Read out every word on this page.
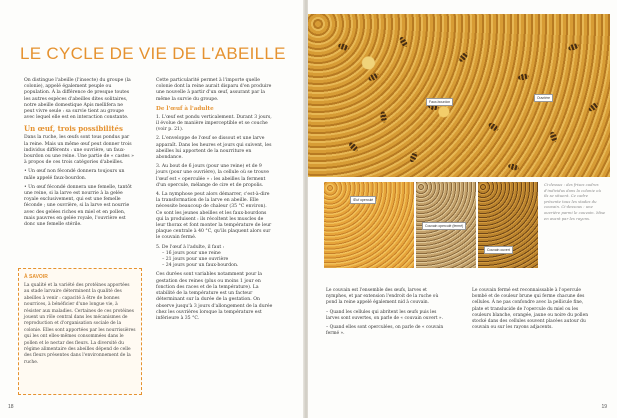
LE CYCLE DE VIE DE L'ABEILLE

On distingue l'abeille (l'insecte) du groupe (la colonie), appelé également peuple ou population. À la différence de presque toutes les autres espèces d'abeilles dites solitaires, notre abeille domestique Apis mellifera ne peut vivre seule : sa survie tient au groupe avec lequel elle est en interaction constante.

Un œuf, trois possibilités

Dans la ruche, les œufs sont tous pondus par la reine. Mais un même œuf peut donner trois individus différents : une ouvrière, un faux-bourdon ou une reine. Une partie de « castes » à propos de ces trois catégories d'abeilles.

• Un œuf non fécondé donnera toujours un mâle appelé faux-bourdon.

• Un œuf fécondé donnera une femelle, tantôt une reine, si la larve est nourrie à la gelée royale exclusivement, qui est une femelle féconde ; une ouvrière, si la larve est nourrie avec des gelées riches en miel et en pollen, mais pauvres en gelée royale, l'ouvrière est donc une femelle stérile.

Cette particularité permet à l'importe quelle colonie dont la reine aurait disparu d'en produire une nouvelle à partir d'un œuf, assurant par la même la survie du groupe.

De l'œuf à l'adulte

1. L'œuf est pondu verticalement. Durant 3 jours, il évolue de manière imperceptible et se couche (voir p. 21).

2. L'enveloppe de l'œuf se dissout et une larve apparaît. Dans les heures et jours qui suivent, les abeilles lui apportent de la nourriture en abondance.

3. Au bout de 6 jours (pour une reine) et de 9 jours (pour une ouvrière), la cellule où se trouve l'œuf est « operculée » : les abeilles la ferment d'un opercule, mélange de cire et de propolis.

4. La nymphose peut alors démarrer, c'est-à-dire la transformation de la larve en abeille. Elle nécessite beaucoup de chaleur (35 °C environ). Ce sont les jeunes abeilles et les faux-bourdons qui la produisent : ils récoltent les muscles de leur thorax et font monter la température de leur plaque centrale à 40 °C, qu'ils plaquent alors sur le couvain fermé.

5. De l'œuf à l'adulte, il faut :

– 16 jours pour une reine

– 21 jours pour une ouvrière

– 24 jours pour un faux-bourdon.

Ces durées sont variables notamment pour la gestation des reines (plus ou moins 1 jour en fonction des races et de la température). La stabilité de la température est un facteur déterminant sur la durée de la gestation. On observe jusqu'à 3 jours d'allongement de la durée chez les ouvrières lorsque la température est inférieure à 35 °C.

À SAVOIR
La qualité et la variété des protéines apportées au stade larvaire déterminent la qualité des abeilles à venir : capacité à être de bonnes nourrices, à bénéficier d'une longue vie, à résister aux maladies. Certaines de ces protéines jouent un rôle central dans les mécanismes de reproduction et d'organisation sociale de la colonie. Elles sont apportées par les nourrissières qui les ont elles-mêmes consommées dans le pollen et le nectar des fleurs. La diversité du régime alimentaire des abeilles dépend de celle des fleurs présentes dans l'environnement de la ruche.
18
Faux-bourdon
Ouvrière
Œuf operculé
Couvain operculé (fermé)
Couvain ouvert
Ci-dessus : des frises cadres d'individus dans la colonie où ils se situent. Ce cadre présente tous les stades du couvain. Ci-dessous : une ouvrière parmi le couvain. Mise en avant par les rayons.

Le couvain est l'ensemble des œufs, larves et nymphes, et par extension l'endroit de la ruche où pond la reine appelé également nid à couvain.

– Quand les cellules qui abritent les œufs puis les larves sont ouvertes, on parle de « couvain ouvert ».

– Quand elles sont operculées, on parle de « couvain fermé ».

Le couvain fermé est reconnaissable à l'opercule bombé et de couleur brune qui ferme chacune des cellules. À ne pas confondre avec la pellicule fine, plate et translucide de l'opercule du miel ou les couleurs blanche, orangée, jaune ou noire du pollen stocké dans des cellules souvent placées autour du couvain ou sur les rayons adjacents.

19
